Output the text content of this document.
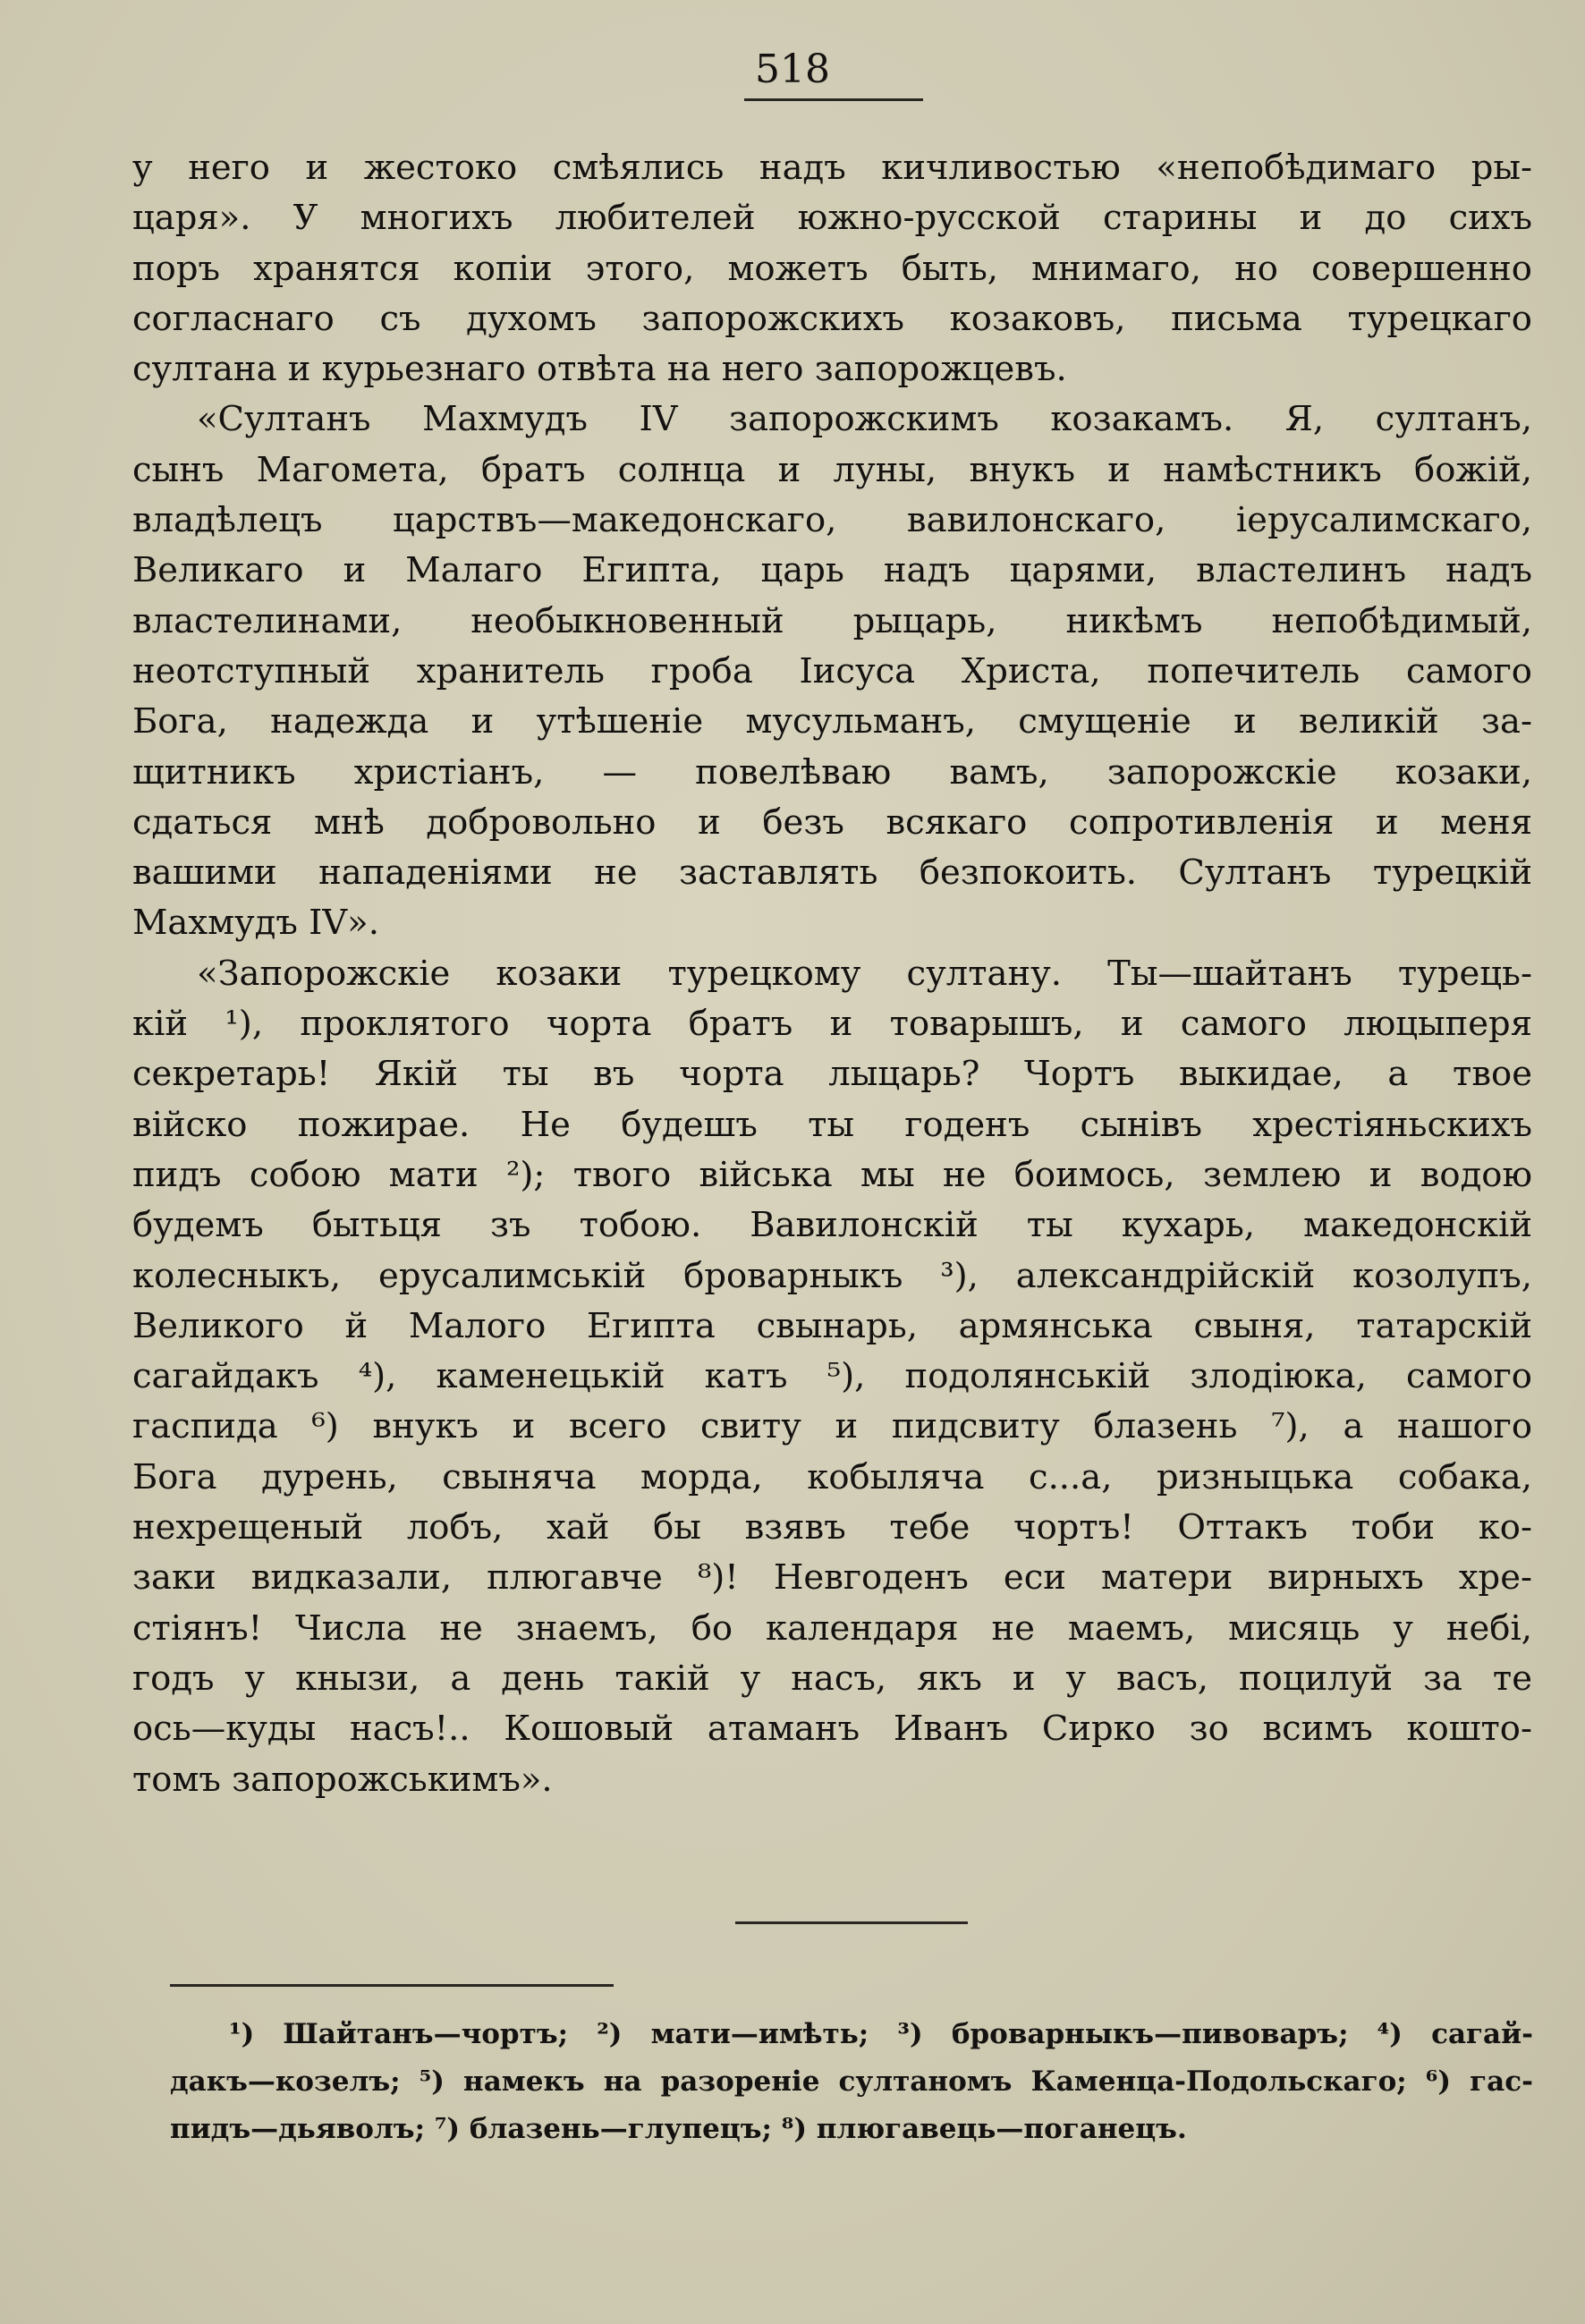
518
у него и жестоко смѣялись надъ кичливостью «непобѣдимаго ры-
царя». У многихъ любителей южно-русской старины и до сихъ
поръ хранятся копіи этого, можетъ быть, мнимаго, но совершенно
согласнаго съ духомъ запорожскихъ козаковъ, письма турецкаго
султана и курьезнаго отвѣта на него запорожцевъ.
«Султанъ Махмудъ IV запорожскимъ козакамъ. Я, султанъ,
сынъ Магомета, братъ солнца и луны, внукъ и намѣстникъ божій,
владѣлецъ царствъ—македонскаго, вавилонскаго, іерусалимскаго,
Великаго и Малаго Египта, царь надъ царями, властелинъ надъ
властелинами, необыкновенный рыцарь, никѣмъ непобѣдимый,
неотступный хранитель гроба Іисуса Христа, попечитель самого
Бога, надежда и утѣшеніе мусульманъ, смущеніе и великій за-
щитникъ христіанъ, — повелѣваю вамъ, запорожскіе козаки,
сдаться мнѣ добровольно и безъ всякаго сопротивленія и меня
вашими нападеніями не заставлять безпокоить. Султанъ турецкій
Махмудъ IV».
«Запорожскіе козаки турецкому султану. Ты—шайтанъ турець-
кій ¹), проклятого чорта братъ и товарышъ, и самого люцыперя
секретарь! Якій ты въ чорта лыцарь? Чортъ выкидае, а твое
війско пожирае. Не будешъ ты годенъ сынівъ хрестіяньскихъ
пидъ собою мати ²); твого війська мы не боимось, землею и водою
будемъ бытьця зъ тобою. Вавилонскій ты кухарь, македонскій
колесныкъ, ерусалимській броварныкъ ³), александрійскій козолупъ,
Великого й Малого Египта свынарь, армянська свыня, татарскій
сагайдакъ ⁴), каменецькій катъ ⁵), подолянській злодіюка, самого
гаспида ⁶) внукъ и всего свиту и пидсвиту блазень ⁷), а нашого
Бога дурень, свыняча морда, кобыляча с...а, ризныцька собака,
нехрещеный лобъ, хай бы взявъ тебе чортъ! Оттакъ тоби ко-
заки видказали, плюгавче ⁸)! Невгоденъ еси матери вирныхъ хре-
стіянъ! Числа не знаемъ, бо календаря не маемъ, мисяць у небi,
годъ у кнызи, а день такій у насъ, якъ и у васъ, поцилуй за те
ось—куды насъ!.. Кошовый атаманъ Иванъ Сирко зо всимъ кошто-
томъ запорожськимъ».
¹) Шайтанъ—чортъ; ²) мати—имѣть; ³) броварныкъ—пивоваръ; ⁴) сагай-
дакъ—козелъ; ⁵) намекъ на разореніе султаномъ Каменца-Подольскаго; ⁶) гас-
пидъ—дьяволъ; ⁷) блазень—глупецъ; ⁸) плюгавець—поганецъ.
